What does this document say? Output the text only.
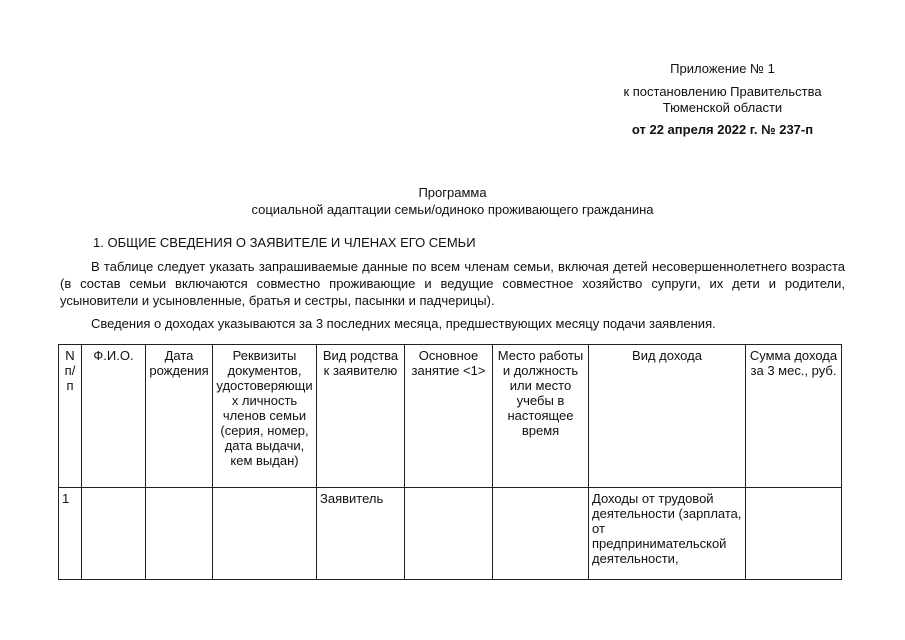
Приложение № 1
к постановлению Правительства Тюменской области
от 22 апреля 2022 г. № 237-п
Программа
социальной адаптации семьи/одиноко проживающего гражданина
1. ОБЩИЕ СВЕДЕНИЯ О ЗАЯВИТЕЛЕ И ЧЛЕНАХ ЕГО СЕМЬИ
В таблице следует указать запрашиваемые данные по всем членам семьи, включая детей несовершеннолетнего возраста (в состав семьи включаются совместно проживающие и ведущие совместное хозяйство супруги, их дети и родители, усыновители и усыновленные, братья и сестры, пасынки и падчерицы).
Сведения о доходах указываются за 3 последних месяца, предшествующих месяцу подачи заявления.
N п/п	Ф.И.О.	Дата рождения	Реквизиты документов, удостоверяющих личность членов семьи (серия, номер, дата выдачи, кем выдан)	Вид родства к заявителю	Основное занятие <1>	Место работы и должность или место учебы в настоящее время	Вид дохода	Сумма дохода за 3 мес., руб.
1				Заявитель			Доходы от трудовой деятельности (зарплата, от предпринимательской деятельности,	
